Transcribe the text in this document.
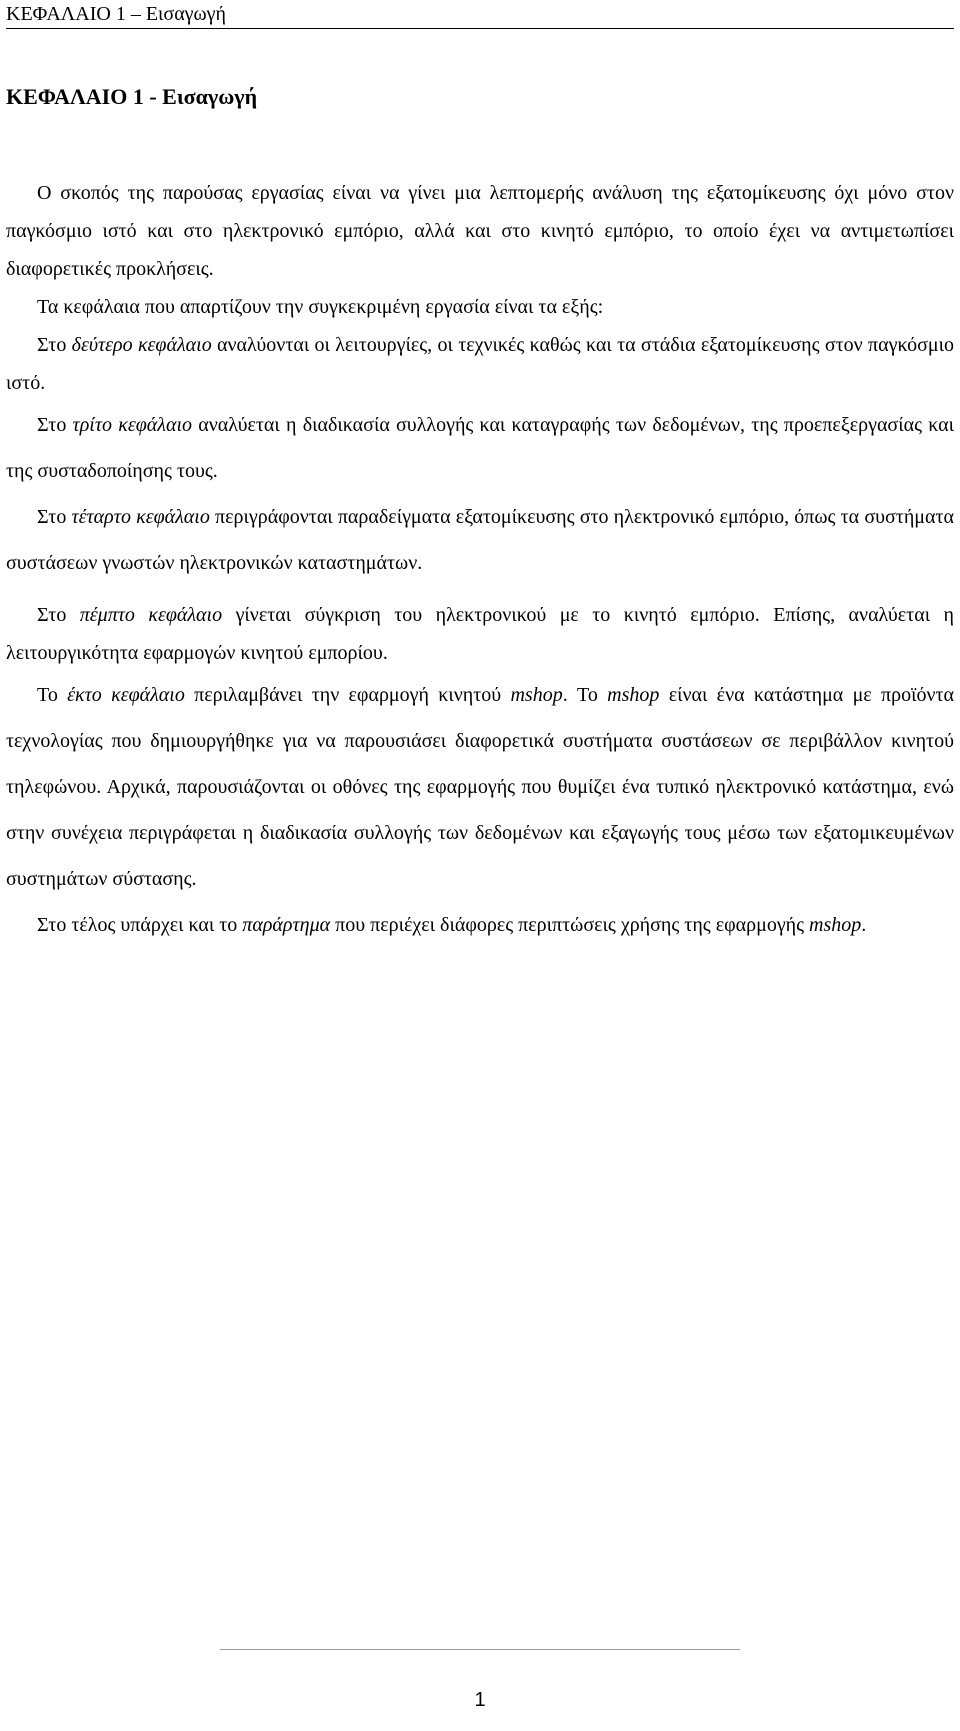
ΚΕΦΑΛΑΙΟ 1 – Εισαγωγή
ΚΕΦΑΛΑΙΟ 1 - Εισαγωγή

Ο σκοπός της παρούσας εργασίας είναι να γίνει μια λεπτομερής ανάλυση της εξατομίκευσης όχι μόνο στον παγκόσμιο ιστό και στο ηλεκτρονικό εμπόριο, αλλά και στο κινητό εμπόριο, το οποίο έχει να αντιμετωπίσει διαφορετικές προκλήσεις.

Τα κεφάλαια που απαρτίζουν την συγκεκριμένη εργασία είναι τα εξής:

Στο δεύτερο κεφάλαιο αναλύονται οι λειτουργίες, οι τεχνικές καθώς και τα στάδια εξατομίκευσης στον παγκόσμιο ιστό.

Στο τρίτο κεφάλαιο αναλύεται η διαδικασία συλλογής και καταγραφής των δεδομένων, της προεπεξεργασίας και της συσταδοποίησης τους.

Στο τέταρτο κεφάλαιο περιγράφονται παραδείγματα εξατομίκευσης στο ηλεκτρονικό εμπόριο, όπως τα συστήματα συστάσεων γνωστών ηλεκτρονικών καταστημάτων.

Στο πέμπτο κεφάλαιο γίνεται σύγκριση του ηλεκτρονικού με το κινητό εμπόριο. Επίσης, αναλύεται η λειτουργικότητα εφαρμογών κινητού εμπορίου.

Το έκτο κεφάλαιο περιλαμβάνει την εφαρμογή κινητού mshop. Το mshop είναι ένα κατάστημα με προϊόντα τεχνολογίας που δημιουργήθηκε για να παρουσιάσει διαφορετικά συστήματα συστάσεων σε περιβάλλον κινητού τηλεφώνου. Αρχικά, παρουσιάζονται οι οθόνες της εφαρμογής που θυμίζει ένα τυπικό ηλεκτρονικό κατάστημα, ενώ στην συνέχεια περιγράφεται η διαδικασία συλλογής των δεδομένων και εξαγωγής τους μέσω των εξατομικευμένων συστημάτων σύστασης.

Στο τέλος υπάρχει και το παράρτημα που περιέχει διάφορες περιπτώσεις χρήσης της εφαρμογής mshop.

1
